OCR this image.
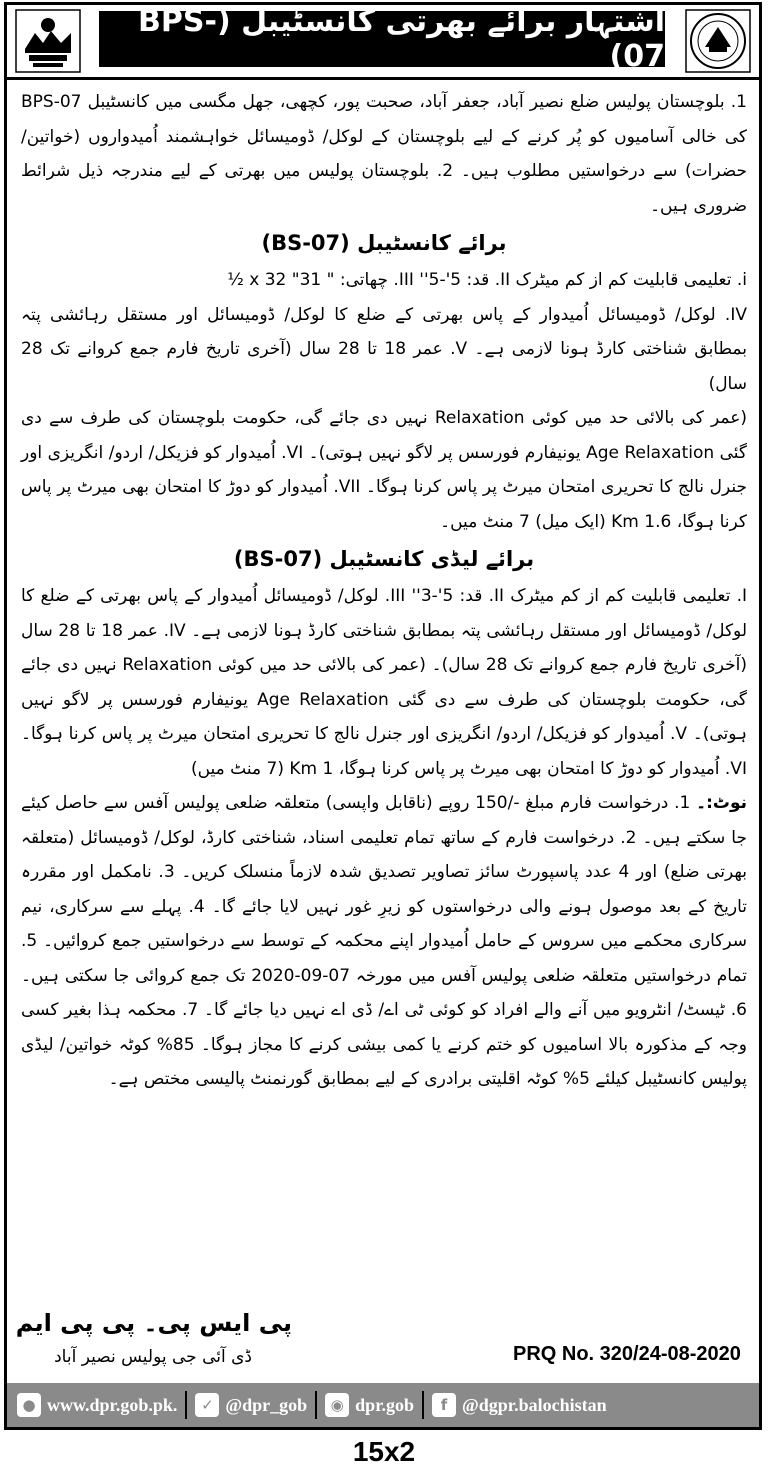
اشتہار برائے بھرتی کانسٹیبل (BPS-07)

1. بلوچستان پولیس ضلع نصیر آباد، جعفر آباد، صحبت پور، کچھی، جھل مگسی میں کانسٹیبل BPS-07 کی خالی آسامیوں کو پُر کرنے کے لیے بلوچستان کے لوکل/ ڈومیسائل خواہشمند اُمیدواروں (خواتین/حضرات) سے درخواستیں مطلوب ہیں۔ 2. بلوچستان پولیس میں بھرتی کے لیے مندرجہ ذیل شرائط ضروری ہیں۔

برائے کانسٹیبل (BS-07)

i. تعلیمی قابلیت کم از کم میٹرک II. قد: 5'-5'' III. چھاتی: " 31" x 32 ½

IV. لوکل/ ڈومیسائل اُمیدوار کے پاس بھرتی کے ضلع کا لوکل/ ڈومیسائل اور مستقل رہائشی پتہ بمطابق شناختی کارڈ ہونا لازمی ہے۔ V. عمر 18 تا 28 سال (آخری تاریخ فارم جمع کروانے تک 28 سال)

(عمر کی بالائی حد میں کوئی Relaxation نہیں دی جائے گی، حکومت بلوچستان کی طرف سے دی گئی Age Relaxation یونیفارم فورسس پر لاگو نہیں ہوتی)۔ VI. اُمیدوار کو فزیکل/ اردو/ انگریزی اور جنرل نالج کا تحریری امتحان میرٹ پر پاس کرنا ہوگا۔ VII. اُمیدوار کو دوڑ کا امتحان بھی میرٹ پر پاس کرنا ہوگا، 1.6 Km (ایک میل) 7 منٹ میں۔

برائے لیڈی کانسٹیبل (BS-07)

I. تعلیمی قابلیت کم از کم میٹرک II. قد: 5'-3'' III. لوکل/ ڈومیسائل اُمیدوار کے پاس بھرتی کے ضلع کا لوکل/ ڈومیسائل اور مستقل رہائشی پتہ بمطابق شناختی کارڈ ہونا لازمی ہے۔ IV. عمر 18 تا 28 سال (آخری تاریخ فارم جمع کروانے تک 28 سال)۔ (عمر کی بالائی حد میں کوئی Relaxation نہیں دی جائے گی، حکومت بلوچستان کی طرف سے دی گئی Age Relaxation یونیفارم فورسس پر لاگو نہیں ہوتی)۔ V. اُمیدوار کو فزیکل/ اردو/ انگریزی اور جنرل نالج کا تحریری امتحان میرٹ پر پاس کرنا ہوگا۔ VI. اُمیدوار کو دوڑ کا امتحان بھی میرٹ پر پاس کرنا ہوگا، 1 Km (7 منٹ میں)

نوٹ:۔ 1. درخواست فارم مبلغ -/150 روپے (ناقابل واپسی) متعلقہ ضلعی پولیس آفس سے حاصل کیئے جا سکتے ہیں۔ 2. درخواست فارم کے ساتھ تمام تعلیمی اسناد، شناختی کارڈ، لوکل/ ڈومیسائل (متعلقہ بھرتی ضلع) اور 4 عدد پاسپورٹ سائز تصاویر تصدیق شدہ لازماً منسلک کریں۔ 3. نامکمل اور مقررہ تاریخ کے بعد موصول ہونے والی درخواستوں کو زیرِ غور نہیں لایا جائے گا۔ 4. پہلے سے سرکاری، نیم سرکاری محکمے میں سروس کے حامل اُمیدوار اپنے محکمہ کے توسط سے درخواستیں جمع کروائیں۔ 5. تمام درخواستیں متعلقہ ضلعی پولیس آفس میں مورخہ 07-09-2020 تک جمع کروائی جا سکتی ہیں۔ 6. ٹیسٹ/ انٹرویو میں آنے والے افراد کو کوئی ٹی اے/ ڈی اے نہیں دیا جائے گا۔ 7. محکمہ ہذا بغیر کسی وجہ کے مذکورہ بالا اسامیوں کو ختم کرنے یا کمی بیشی کرنے کا مجاز ہوگا۔ 85% کوٹہ خواتین/ لیڈی پولیس کانسٹیبل کیلئے 5% کوٹہ اقلیتی برادری کے لیے بمطابق گورنمنٹ پالیسی مختص ہے۔

پی ایس پی۔ پی پی ایم
ڈی آئی جی پولیس نصیر آباد	PRQ No. 320/24-08-2020
● www.dpr.gob.pk.	✓ @dpr_gob	◉ dpr.gob	f @dgpr.balochistan
15x2
